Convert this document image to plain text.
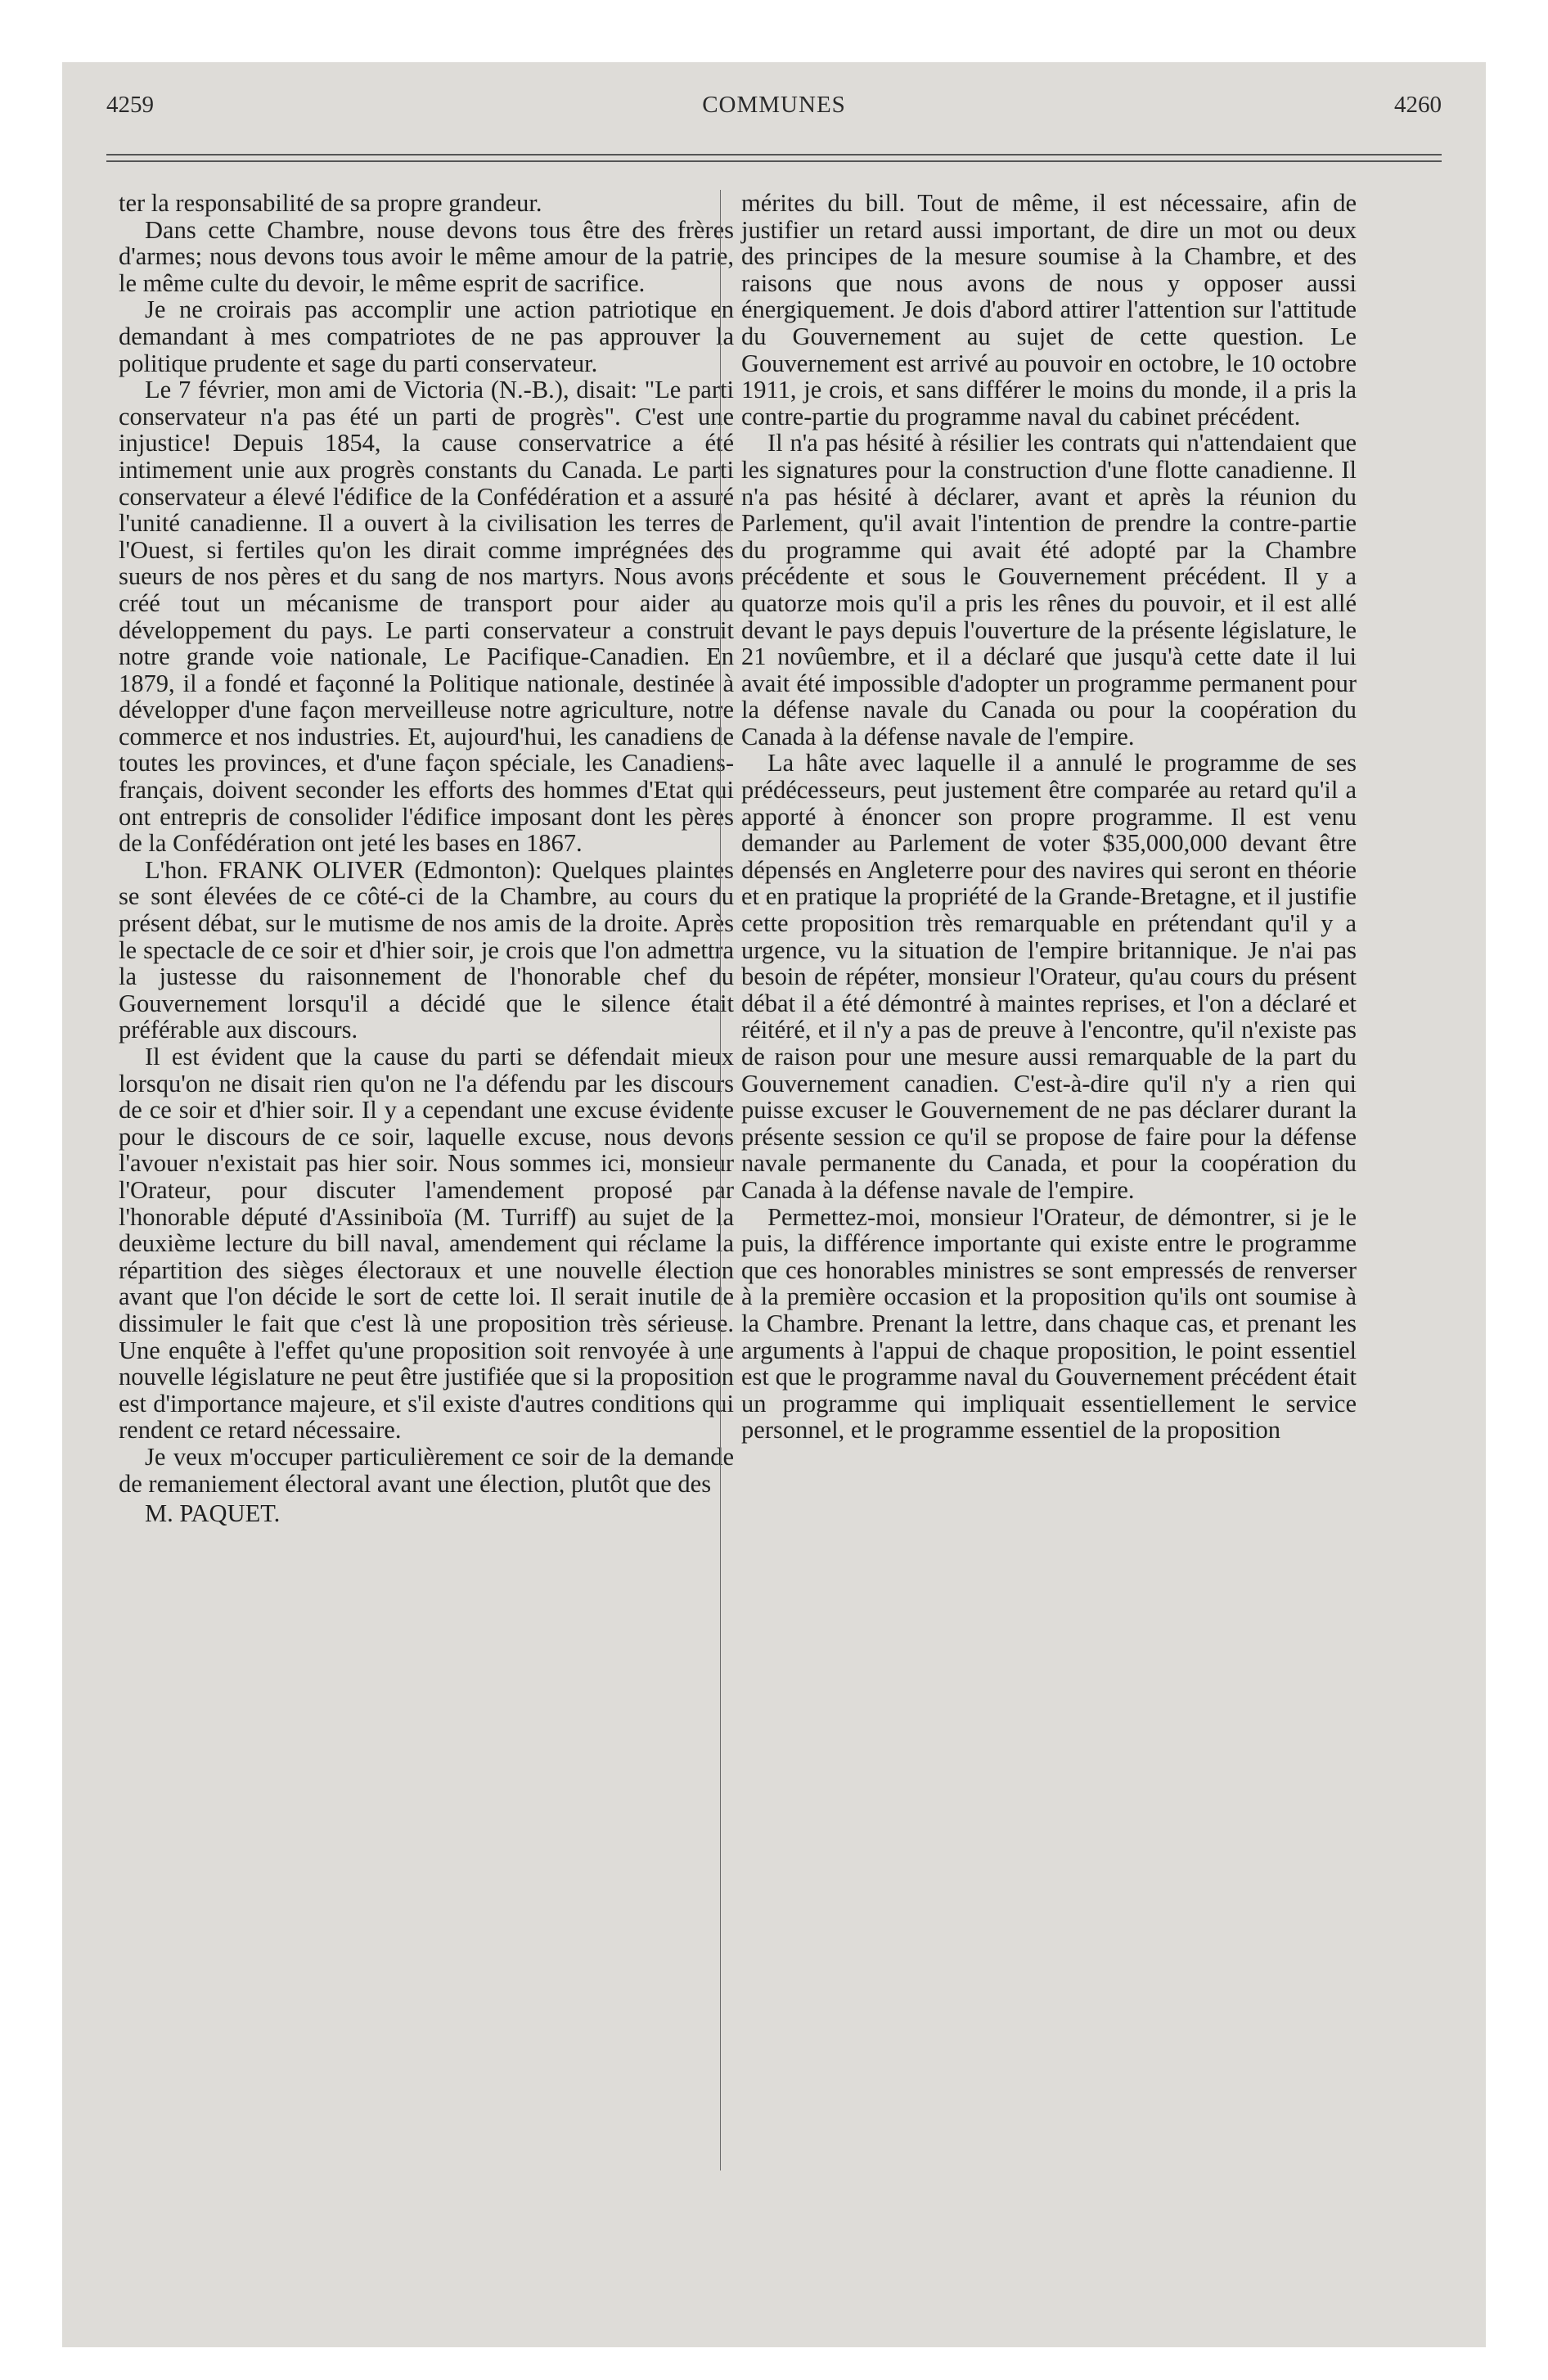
4259	COMMUNES	4260

ter la responsabilité de sa propre grandeur.

Dans cette Chambre, nouse devons tous être des frères d'armes; nous devons tous avoir le même amour de la patrie, le même culte du devoir, le même esprit de sacrifice.

Je ne croirais pas accomplir une action patriotique en demandant à mes compatriotes de ne pas approuver la politique prudente et sage du parti conservateur.

Le 7 février, mon ami de Victoria (N.-B.), disait: "Le parti conservateur n'a pas été un parti de progrès". C'est une injustice! Depuis 1854, la cause conservatrice a été intimement unie aux progrès constants du Canada. Le parti conservateur a élevé l'édifice de la Confédération et a assuré l'unité canadienne. Il a ouvert à la civilisation les terres de l'Ouest, si fertiles qu'on les dirait comme imprégnées des sueurs de nos pères et du sang de nos martyrs. Nous avons créé tout un mécanisme de transport pour aider au développement du pays. Le parti conservateur a construit notre grande voie nationale, Le Pacifique-Canadien. En 1879, il a fondé et façonné la Politique nationale, destinée à développer d'une façon merveilleuse notre agriculture, notre commerce et nos industries. Et, aujourd'hui, les canadiens de toutes les provinces, et d'une façon spéciale, les Canadiens-français, doivent seconder les efforts des hommes d'Etat qui ont entrepris de consolider l'édifice imposant dont les pères de la Confédération ont jeté les bases en 1867.

L'hon. FRANK OLIVER (Edmonton): Quelques plaintes se sont élevées de ce côté-ci de la Chambre, au cours du présent débat, sur le mutisme de nos amis de la droite. Après le spectacle de ce soir et d'hier soir, je crois que l'on admettra la justesse du raisonnement de l'honorable chef du Gouvernement lorsqu'il a décidé que le silence était préférable aux discours.

Il est évident que la cause du parti se défendait mieux lorsqu'on ne disait rien qu'on ne l'a défendu par les discours de ce soir et d'hier soir. Il y a cependant une excuse évidente pour le discours de ce soir, laquelle excuse, nous devons l'avouer n'existait pas hier soir. Nous sommes ici, monsieur l'Orateur, pour discuter l'amendement proposé par l'honorable député d'Assiniboïa (M. Turriff) au sujet de la deuxième lecture du bill naval, amendement qui réclame la répartition des sièges électoraux et une nouvelle élection avant que l'on décide le sort de cette loi. Il serait inutile de dissimuler le fait que c'est là une proposition très sérieuse. Une enquête à l'effet qu'une proposition soit renvoyée à une nouvelle législature ne peut être justifiée que si la proposition est d'importance majeure, et s'il existe d'autres conditions qui rendent ce retard nécessaire.

Je veux m'occuper particulièrement ce soir de la demande de remaniement électoral avant une élection, plutôt que des

M. PAQUET.

mérites du bill. Tout de même, il est nécessaire, afin de justifier un retard aussi important, de dire un mot ou deux des principes de la mesure soumise à la Chambre, et des raisons que nous avons de nous y opposer aussi énergiquement. Je dois d'abord attirer l'attention sur l'attitude du Gouvernement au sujet de cette question. Le Gouvernement est arrivé au pouvoir en octobre, le 10 octobre 1911, je crois, et sans différer le moins du monde, il a pris la contre-partie du programme naval du cabinet précédent.

Il n'a pas hésité à résilier les contrats qui n'attendaient que les signatures pour la construction d'une flotte canadienne. Il n'a pas hésité à déclarer, avant et après la réunion du Parlement, qu'il avait l'intention de prendre la contre-partie du programme qui avait été adopté par la Chambre précédente et sous le Gouvernement précédent. Il y a quatorze mois qu'il a pris les rênes du pouvoir, et il est allé devant le pays depuis l'ouverture de la présente législature, le 21 novûembre, et il a déclaré que jusqu'à cette date il lui avait été impossible d'adopter un programme permanent pour la défense navale du Canada ou pour la coopération du Canada à la défense navale de l'empire.

La hâte avec laquelle il a annulé le programme de ses prédécesseurs, peut justement être comparée au retard qu'il a apporté à énoncer son propre programme. Il est venu demander au Parlement de voter $35,000,000 devant être dépensés en Angleterre pour des navires qui seront en théorie et en pratique la propriété de la Grande-Bretagne, et il justifie cette proposition très remarquable en prétendant qu'il y a urgence, vu la situation de l'empire britannique. Je n'ai pas besoin de répéter, monsieur l'Orateur, qu'au cours du présent débat il a été démontré à maintes reprises, et l'on a déclaré et réitéré, et il n'y a pas de preuve à l'encontre, qu'il n'existe pas de raison pour une mesure aussi remarquable de la part du Gouvernement canadien. C'est-à-dire qu'il n'y a rien qui puisse excuser le Gouvernement de ne pas déclarer durant la présente session ce qu'il se propose de faire pour la défense navale permanente du Canada, et pour la coopération du Canada à la défense navale de l'empire.

Permettez-moi, monsieur l'Orateur, de démontrer, si je le puis, la différence importante qui existe entre le programme que ces honorables ministres se sont empressés de renverser à la première occasion et la proposition qu'ils ont soumise à la Chambre. Prenant la lettre, dans chaque cas, et prenant les arguments à l'appui de chaque proposition, le point essentiel est que le programme naval du Gouvernement précédent était un programme qui impliquait essentiellement le service personnel, et le programme essentiel de la proposition
